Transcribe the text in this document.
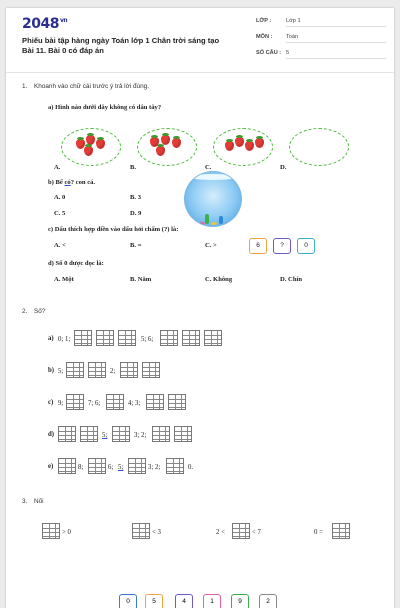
$2048^{vn}$
Phiếu bài tập hàng ngày Toán lớp 1 Chân trời sáng tạo Bài 11. Bài 0 có đáp án
LỚP :	Lớp 1
MÔN :	Toán
SỐ CÂU : 5
1. Khoanh vào chữ cái trước ý trả lời đúng.
a) Hình nào dưới đây không có dâu tây?
A.	B.	C.	D.
b) Bể có? con cá.
A. 0	B. 3
C. 5	D. 9
c) Dấu thích hợp điền vào dấu hỏi chấm (?) là:
A. <	B. =	C. >	6	?	0
d) Số 0 được đọc là:
A. Một	B. Năm	C. Không	D. Chín
2. Số?
a) 0; 1;	5; 6;
b) 5;	2;
c) 9;	7; 6;	4; 3;
d)	5;	3; 2;
e)	8;	6; 5;	3; 2;	0.
3. Nối
> 0	< 3	2 <	< 7	0 =
0	5	4	1	9	2
